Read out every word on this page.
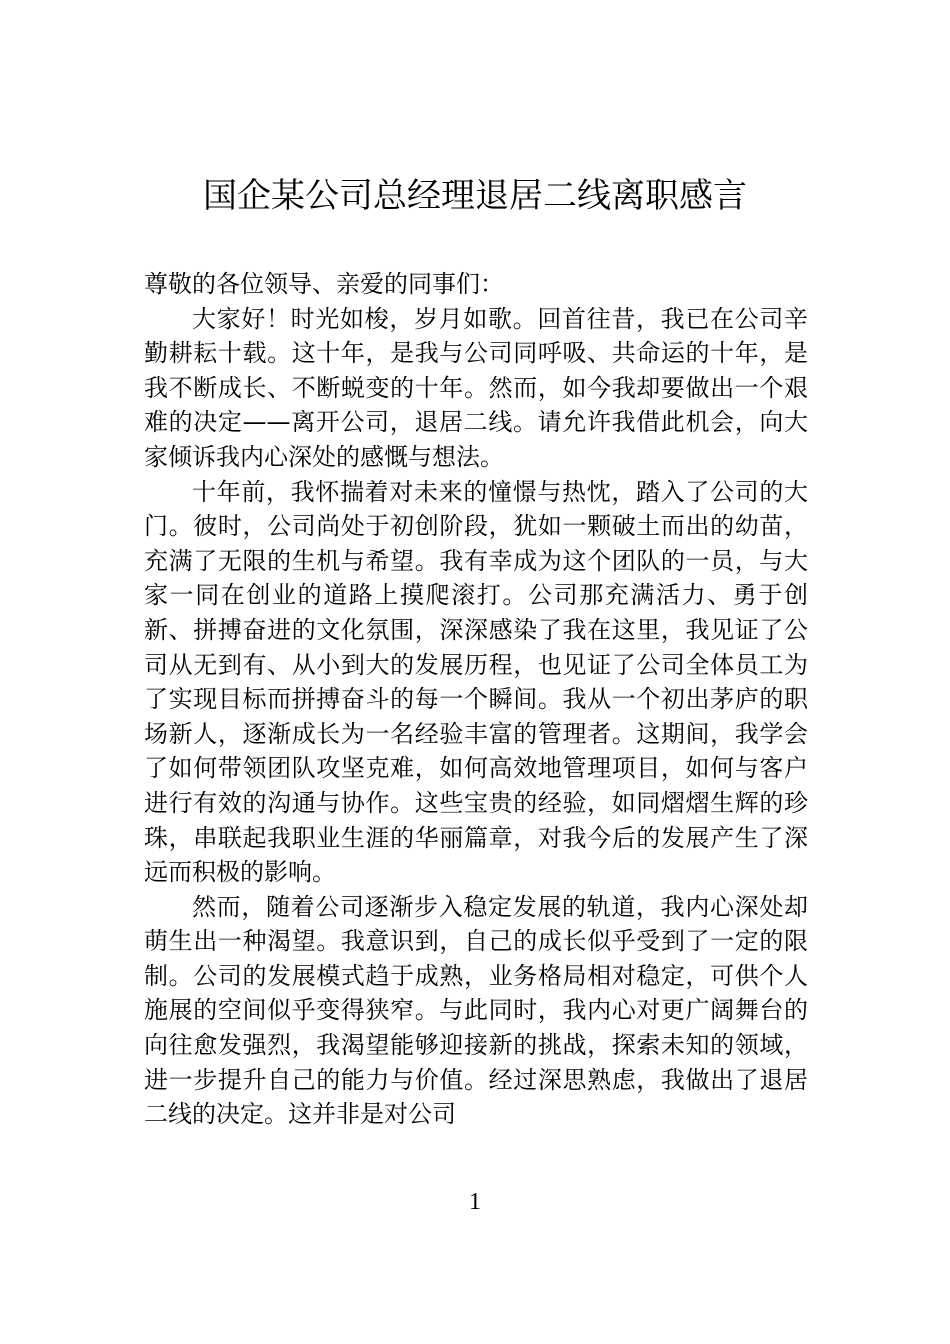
国企某公司总经理退居二线离职感言

尊敬的各位领导、亲爱的同事们：

大家好！时光如梭，岁月如歌。回首往昔，我已在公司辛勤耕耘十载。这十年，是我与公司同呼吸、共命运的十年，是我不断成长、不断蜕变的十年。然而，如今我却要做出一个艰难的决定——离开公司，退居二线。请允许我借此机会，向大家倾诉我内心深处的感慨与想法。

十年前，我怀揣着对未来的憧憬与热忱，踏入了公司的大门。彼时，公司尚处于初创阶段，犹如一颗破土而出的幼苗，充满了无限的生机与希望。我有幸成为这个团队的一员，与大家一同在创业的道路上摸爬滚打。公司那充满活力、勇于创新、拼搏奋进的文化氛围，深深感染了我在这里，我见证了公司从无到有、从小到大的发展历程，也见证了公司全体员工为了实现目标而拼搏奋斗的每一个瞬间。我从一个初出茅庐的职场新人，逐渐成长为一名经验丰富的管理者。这期间，我学会了如何带领团队攻坚克难，如何高效地管理项目，如何与客户进行有效的沟通与协作。这些宝贵的经验，如同熠熠生辉的珍珠，串联起我职业生涯的华丽篇章，对我今后的发展产生了深远而积极的影响。

然而，随着公司逐渐步入稳定发展的轨道，我内心深处却萌生出一种渴望。我意识到，自己的成长似乎受到了一定的限制。公司的发展模式趋于成熟，业务格局相对稳定，可供个人施展的空间似乎变得狭窄。与此同时，我内心对更广阔舞台的向往愈发强烈，我渴望能够迎接新的挑战，探索未知的领域，进一步提升自己的能力与价值。经过深思熟虑，我做出了退居二线的决定。这并非是对公司

1
